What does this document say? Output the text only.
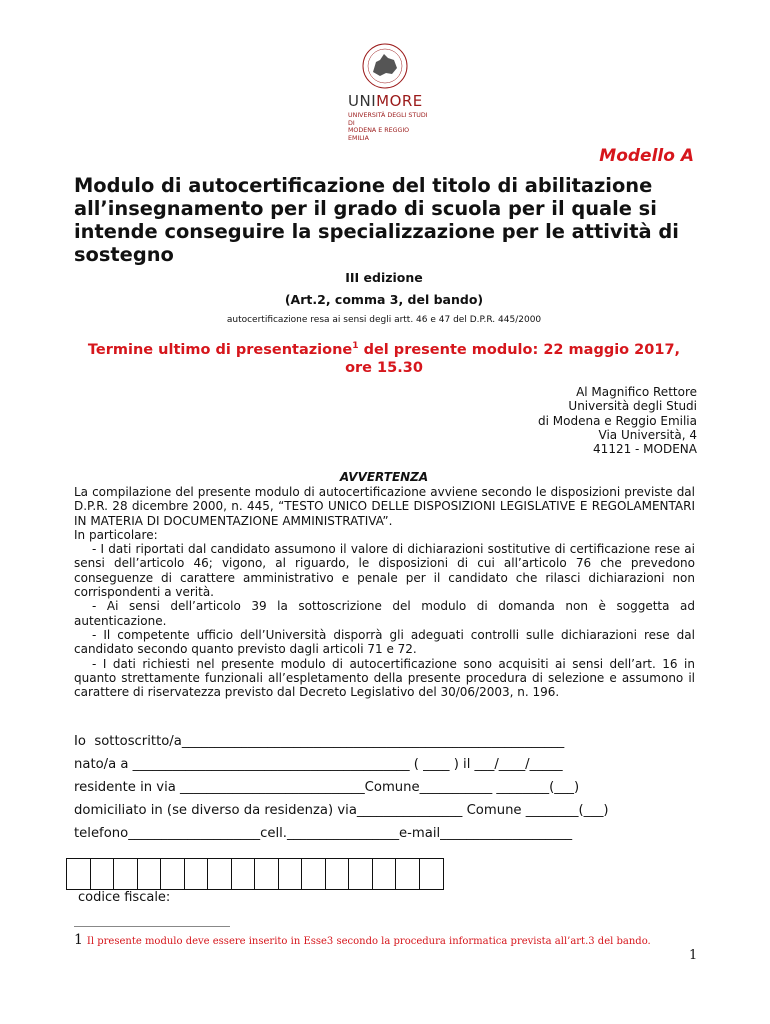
UNIMORE
UNIVERSITÀ DEGLI STUDI DI
MODENA E REGGIO EMILIA
Modello A
Modulo di autocertificazione del titolo di abilitazione all’insegnamento per il grado di scuola per il quale si intende conseguire la specializzazione per le attività di sostegno
III edizione
(Art.2, comma 3, del bando)
autocertificazione resa ai sensi degli artt. 46 e 47 del D.P.R. 445/2000
Termine ultimo di presentazione$^1$ del presente modulo: 22 maggio 2017, ore 15.30
Al Magnifico Rettore
Università degli Studi
di Modena e Reggio Emilia
Via Università, 4
41121 - MODENA
AVVERTENZA

La compilazione del presente modulo di autocertificazione avviene secondo le disposizioni previste dal D.P.R. 28 dicembre 2000, n. 445, “TESTO UNICO DELLE DISPOSIZIONI LEGISLATIVE E REGOLAMENTARI IN MATERIA DI DOCUMENTAZIONE AMMINISTRATIVA”.

In particolare:

- I dati riportati dal candidato assumono il valore di dichiarazioni sostitutive di certificazione rese ai sensi dell’articolo 46; vigono, al riguardo, le disposizioni di cui all’articolo 76 che prevedono conseguenze di carattere amministrativo e penale per il candidato che rilasci dichiarazioni non corrispondenti a verità.

- Ai sensi dell’articolo 39 la sottoscrizione del modulo di domanda non è soggetta ad autenticazione.

- Il competente ufficio dell’Università disporrà gli adeguati controlli sulle dichiarazioni rese dal candidato secondo quanto previsto dagli articoli 71 e 72.

- I dati richiesti nel presente modulo di autocertificazione sono acquisiti ai sensi dell’art. 16 in quanto strettamente funzionali all’espletamento della presente procedura di selezione e assumono il carattere di riservatezza previsto dal Decreto Legislativo del 30/06/2003, n. 196.

Io  sottoscritto/a__________________________________________________________
nato/a a __________________________________________ ( ____ ) il ___/____/_____
residente in via ____________________________Comune___________ ________(___)
domiciliato in (se diverso da residenza) via________________ Comune ________(___)
telefono____________________cell._________________e-mail____________________
codice fiscale:
1 Il presente modulo deve essere inserito in Esse3 secondo la procedura informatica prevista all’art.3 del bando.
1
